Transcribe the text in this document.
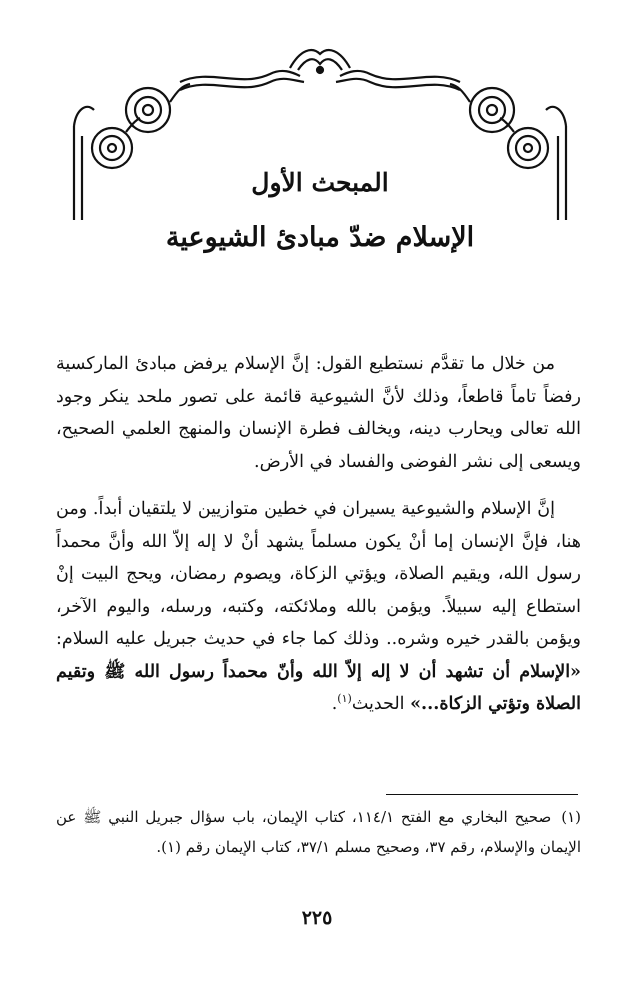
المبحث الأول
الإسلام ضدّ مبادئ الشيوعية

من خلال ما تقدَّم نستطيع القول: إنَّ الإسلام يرفض مبادئ الماركسية رفضاً تاماً قاطعاً، وذلك لأنَّ الشيوعية قائمة على تصور ملحد ينكر وجود الله تعالى ويحارب دينه، ويخالف فطرة الإنسان والمنهج العلمي الصحيح، ويسعى إلى نشر الفوضى والفساد في الأرض.

إنَّ الإسلام والشيوعية يسيران في خطين متوازيين لا يلتقيان أبداً. ومن هنا، فإنَّ الإنسان إما أنْ يكون مسلماً يشهد أنْ لا إله إلاّ الله وأنَّ محمداً رسول الله، ويقيم الصلاة، ويؤتي الزكاة، ويصوم رمضان، ويحج البيت إنْ استطاع إليه سبيلاً. ويؤمن بالله وملائكته، وكتبه، ورسله، واليوم الآخر، ويؤمن بالقدر خيره وشره.. وذلك كما جاء في حديث جبريل عليه السلام: «الإسلام أن تشهد أن لا إله إلاّ الله وأنّ محمداً رسول الله ﷺ وتقيم الصلاة وتؤتي الزكاة...» الحديث$^{(١)}$.

(١)صحيح البخاري مع الفتح ١١٤/١، كتاب الإيمان، باب سؤال جبريل النبي ﷺ عن الإيمان والإسلام، رقم ٣٧، وصحيح مسلم ٣٧/١، كتاب الإيمان رقم (١).

٢٢٥
